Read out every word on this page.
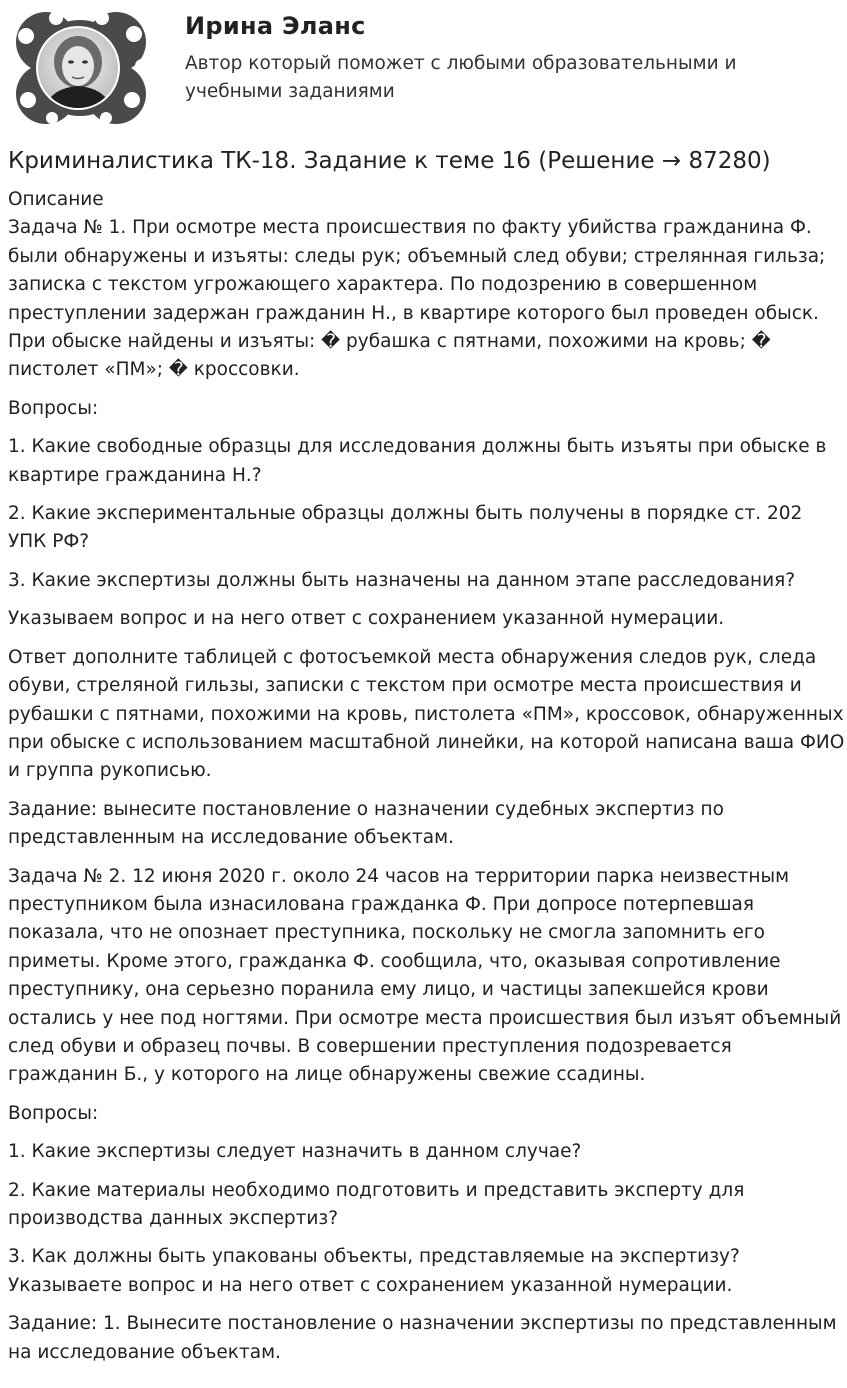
Ирина Эланс
Автор который поможет с любыми образовательными и учебными заданиями
Криминалистика ТК-18. Задание к теме 16 (Решение → 87280)
Описание

Задача № 1. При осмотре места происшествия по факту убийства гражданина Ф. были обнаружены и изъяты: следы рук; объемный след обуви; стрелянная гильза; записка с текстом угрожающего характера. По подозрению в совершенном преступлении задержан гражданин Н., в квартире которого был проведен обыск. При обыске найдены и изъяты: � рубашка с пятнами, похожими на кровь; � пистолет «ПМ»; � кроссовки.

Вопросы:

1. Какие свободные образцы для исследования должны быть изъяты при обыске в квартире гражданина Н.?

2. Какие экспериментальные образцы должны быть получены в порядке ст. 202 УПК РФ?

3. Какие экспертизы должны быть назначены на данном этапе расследования?

Указываем вопрос и на него ответ с сохранением указанной нумерации.

Ответ дополните таблицей с фотосъемкой места обнаружения следов рук, следа обуви, стреляной гильзы, записки с текстом при осмотре места происшествия и рубашки с пятнами, похожими на кровь, пистолета «ПМ», кроссовок, обнаруженных при обыске с использованием масштабной линейки, на которой написана ваша ФИО и группа рукописью.

Задание: вынесите постановление о назначении судебных экспертиз по представленным на исследование объектам.

Задача № 2. 12 июня 2020 г. около 24 часов на территории парка неизвестным преступником была изнасилована гражданка Ф. При допросе потерпевшая показала, что не опознает преступника, поскольку не смогла запомнить его приметы. Кроме этого, гражданка Ф. сообщила, что, оказывая сопротивление преступнику, она серьезно поранила ему лицо, и частицы запекшейся крови остались у нее под ногтями. При осмотре места происшествия был изъят объемный след обуви и образец почвы. В совершении преступления подозревается гражданин Б., у которого на лице обнаружены свежие ссадины.

Вопросы:

1. Какие экспертизы следует назначить в данном случае?

2. Какие материалы необходимо подготовить и представить эксперту для производства данных экспертиз?

3. Как должны быть упакованы объекты, представляемые на экспертизу? Указываете вопрос и на него ответ с сохранением указанной нумерации.

Задание: 1. Вынесите постановление о назначении экспертизы по представленным на исследование объектам.
